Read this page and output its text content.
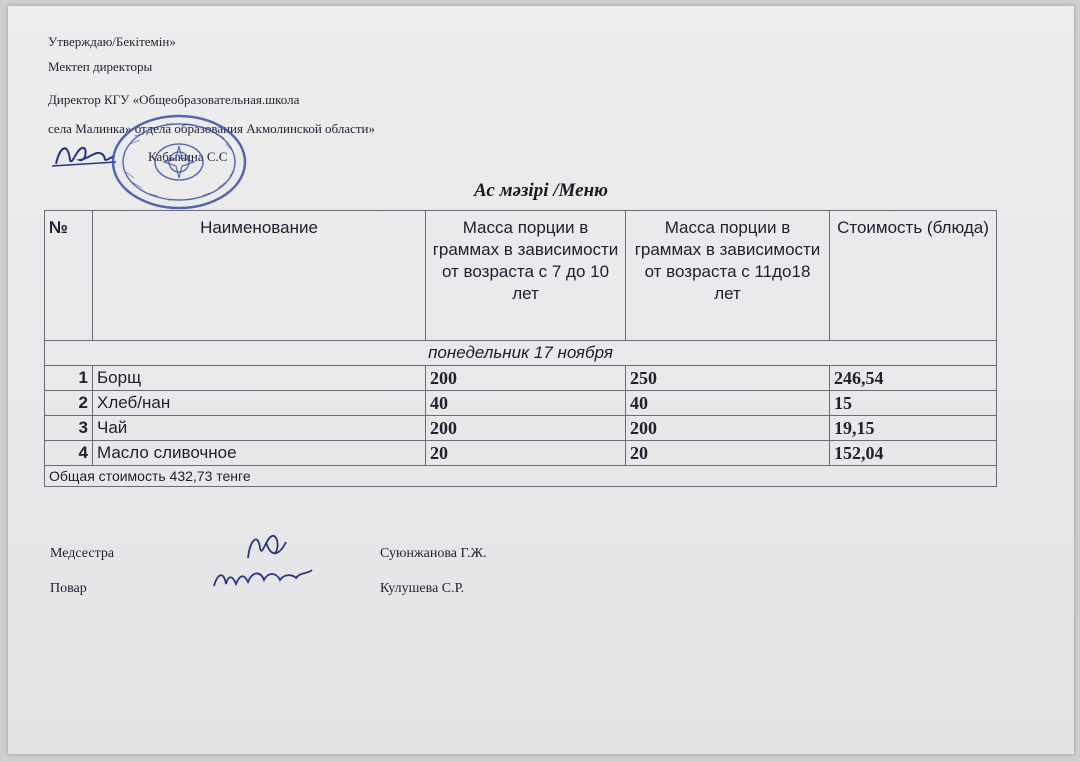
Утверждаю/Бекітемін»
Мектеп директоры
Директор КГУ «Общеобразовательная.школа
села Малинка» отдела образования Акмолинской области»
Кабыкина С.С
Ас мәзірі /Меню
№	Наименование	Масса порции в граммах в зависимости от возраста с 7 до 10 лет	Масса порции в граммах в зависимости от возраста с 11до18 лет	Стоимость (блюда)
понедельник 17 ноября				
1	Борщ	200	250	246,54
2	Хлеб/нан	40	40	15
3	Чай	200	200	19,15
4	Масло сливочное	20	20	152,04
Общая стоимость 432,73 тенге				
Медсестра	Суюнжанова Г.Ж.
Повар	Кулушева С.Р.
